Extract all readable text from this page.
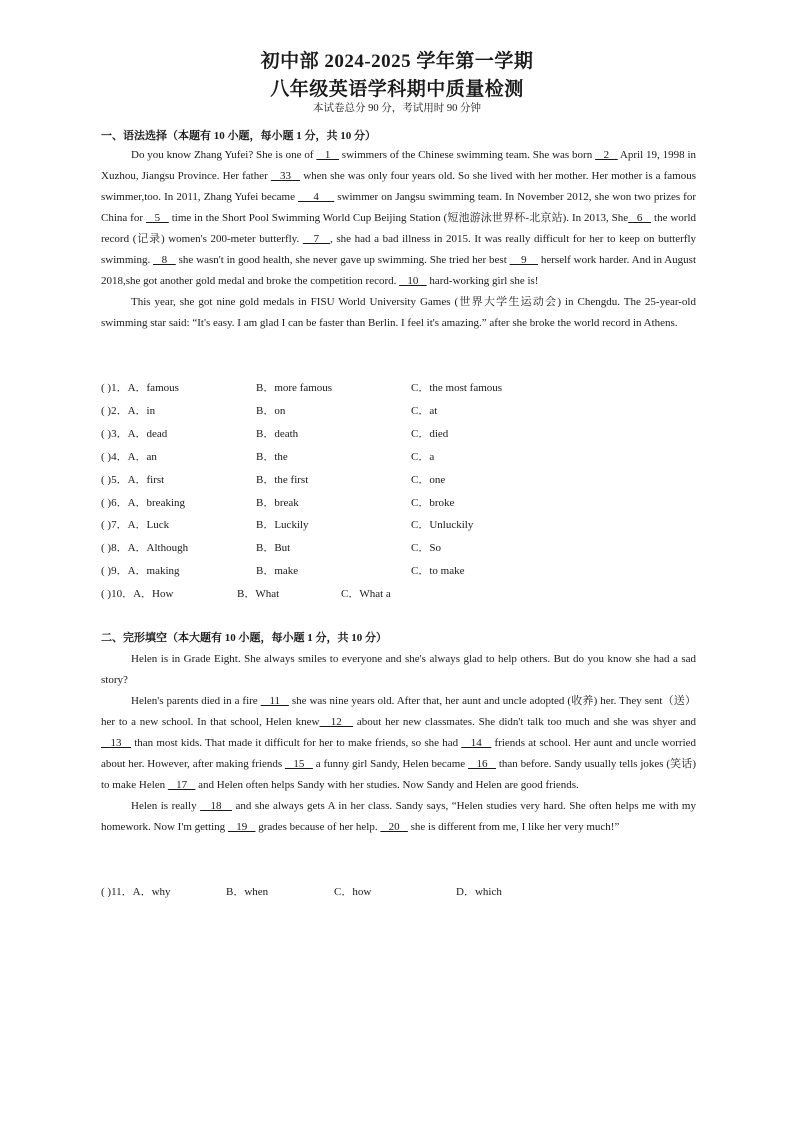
初中部 2024-2025 学年第一学期
八年级英语学科期中质量检测
本试卷总分 90 分，考试用时 90 分钟
一、语法选择（本题有 10 小题，每小题 1 分，共 10 分）

Do you know Zhang Yufei? She is one of    1    swimmers of the Chinese swimming team. She was born    2    April 19, 1998 in Xuzhou, Jiangsu Province. Her father    33    when she was only four years old. So she lived with her mother. Her mother is a famous swimmer,too. In 2011, Zhang Yufei became      4      swimmer on Jangsu swimming team. In November 2012, she won two prizes for China for    5    time in the Short Pool Swimming World Cup Beijing Station (短池游泳世界杯-北京站). In 2013, She   6    the world record (记录) women's 200-meter butterfly.    7   , she had a bad illness in 2015. It was really difficult for her to keep on butterfly swimming.    8    she wasn't in good health, she never gave up swimming. She tried her best     9     herself work harder. And in August 2018,she got another gold medal and broke the competition record.    10    hard-working girl she is!

This year, she got nine gold medals in FISU World University Games (世界大学生运动会) in Chengdu. The 25-year-old swimming star said: “It's easy. I am glad I can be faster than Berlin. I feel it's amazing.” after she broke the world record in Athens.

( )1．A．famous	B．more famous	C．the most famous
( )2．A．in	B．on	C．at
( )3．A．dead	B．death	C．died
( )4．A．an	B．the	C．a
( )5．A．first	B．the first	C．one
( )6．A．breaking	B．break	C．broke
( )7．A．Luck	B．Luckily	C．Unluckily
( )8．A．Although	B．But	C．So
( )9．A．making	B．make	C．to make
( )10．A．How	B．What	C．What a
二、完形填空（本大题有 10 小题，每小题 1 分，共 10 分）

Helen is in Grade Eight. She always smiles to everyone and she's always glad to help others. But do you know she had a sad story?

Helen's parents died in a fire    11    she was nine years old. After that, her aunt and uncle adopted (收养) her. They sent（送） her to a new school. In that school, Helen knew   12    about her new classmates. She didn't talk too much and she was shyer and    13    than most kids. That made it difficult for her to make friends, so she had    14    friends at school. Her aunt and uncle worried about her. However, after making friends    15    a funny girl Sandy, Helen became    16    than before. Sandy usually tells jokes (笑话) to make Helen    17    and Helen often helps Sandy with her studies. Now Sandy and Helen are good friends.

Helen is really    18    and she always gets A in her class. Sandy says, “Helen studies very hard. She often helps me with my homework. Now I'm getting    19    grades because of her help.    20    she is different from me, I like her very much!”

( )11．A．why	B．when	C．how	D．which
